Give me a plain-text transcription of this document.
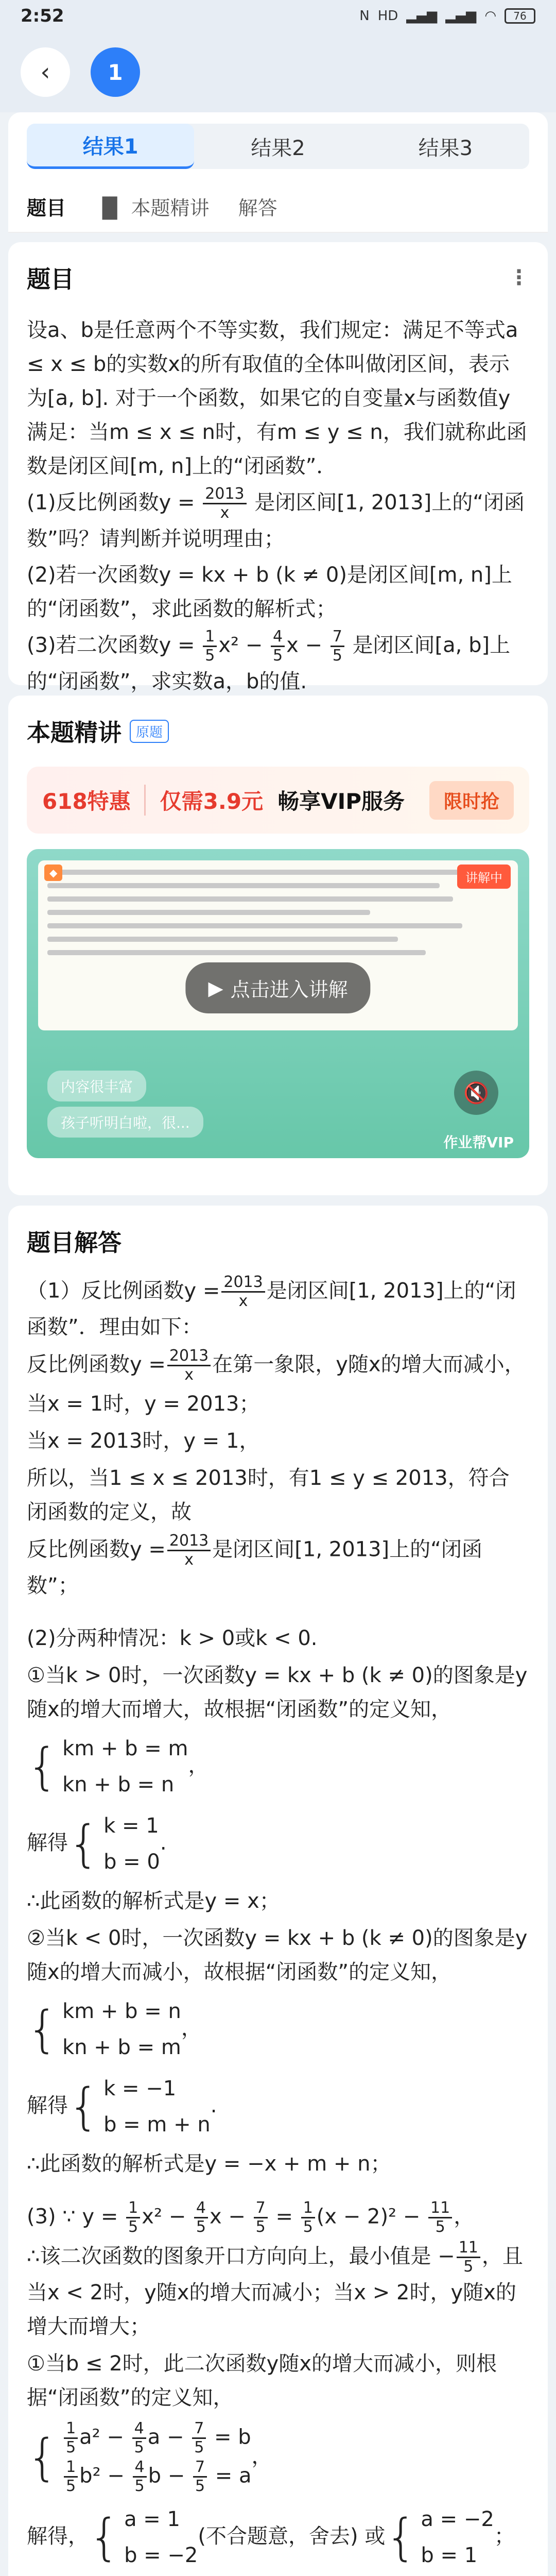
2:52	N HD ▂▄▆ ▂▄▆ ◠	76
‹	1
结果1	结果2	结果3
题目 ▐▌ 本题精讲 解答
题目	⋮

设a、b是任意两个不等实数，我们规定：满足不等式a ≤ x ≤ b的实数x的所有取值的全体叫做闭区间，表示为[a, b]. 对于一个函数，如果它的自变量x与函数值y满足：当m ≤ x ≤ n时，有m ≤ y ≤ n，我们就称此函数是闭区间[m, n]上的“闭函数”．

(1)反比例函数$y = \frac{2013}{x}$ 是闭区间[1, 2013]上的“闭函数”吗？请判断并说明理由；

(2)若一次函数y = kx + b (k ≠ 0)是闭区间[m, n]上的“闭函数”，求此函数的解析式；

(3)若二次函数$y = \frac{1}{5} x^2 - \frac{4}{5}$ $x - \frac{7}{5}$ 是闭区间[a, b]上的“闭函数”，求实数a，b的值.

本题精讲	原题
618特惠	仅需3.9元 畅享VIP服务	限时抢
◆	讲解中
▶ 点击进入讲解
内容很丰富
孩子听明白啦，很...
🔇
作业帮VIP
题目解答

（1）反比例函数$y = \frac{2013}{x}$ 是闭区间[1, 2013]上的“闭函数”．理由如下：

反比例函数$y = \frac{2013}{x}$ 在第一象限，y随x的增大而减小，

当x = 1时，y = 2013；

当x = 2013时，y = 1，

所以，当1 ≤ x ≤ 2013时，有1 ≤ y ≤ 2013，符合闭函数的定义，故

反比例函数$y = \frac{2013}{x}$ 是闭区间[1, 2013]上的“闭函数”；

(2)分两种情况：k > 0或k < 0.

①当k > 0时，一次函数y = kx + b (k ≠ 0)的图象是y随x的增大而增大，故根据“闭函数”的定义知，

{ km + b = m
kn + b = n
，

解得 { k = 1
b = 0
.

∴此函数的解析式是y = x；

②当k < 0时，一次函数y = kx + b (k ≠ 0)的图象是y随x的增大而减小，故根据“闭函数”的定义知，

{ km + b = n
kn + b = m
，

解得 { k = −1
b = m + n
.

∴此函数的解析式是y = −x + m + n；

(3) ∵ $y = \frac{1}{5} x^2 - \frac{4}{5}$ $x - \frac{7}{5} = \frac{1}{5} (x - 2)^2 - \frac{11}{5}$ ，

∴该二次函数的图象开口方向向上，最小值是 − $\frac{11}{5}$ ，且当x < 2时，y随x的增大而减小；当x > 2时，y随x的增大而增大；

①当b ≤ 2时，此二次函数y随x的增大而减小，则根据“闭函数”的定义知，

{ $\frac{1}{5} a^2 - \frac{4}{5}$ $a - \frac{7}{5} = b$
$\frac{1}{5} b^2 - \frac{4}{5}$ $b - \frac{7}{5} = a$
，

解得， { a = 1
b = −2
(不合题意，舍去) 或 { a = −2
b = 1
；
